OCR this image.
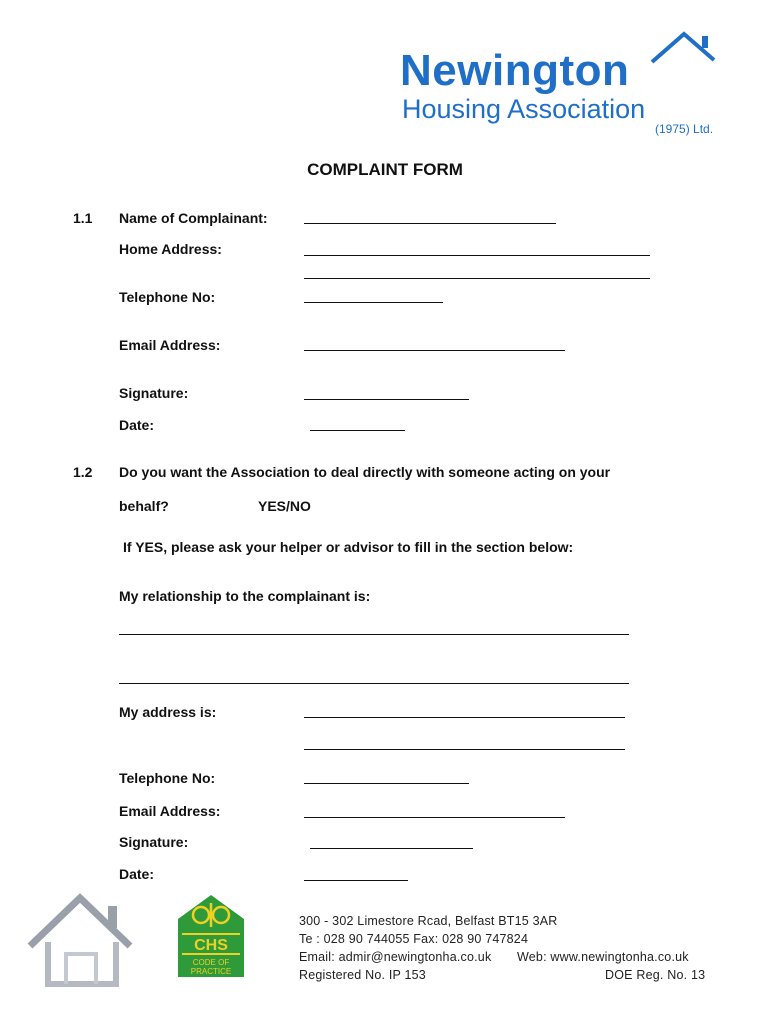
Newington
Housing Association
(1975) Ltd.
COMPLAINT FORM
1.1 Name of Complainant:
Home Address:
Telephone No:
Email Address:
Signature:
Date:
1.2 Do you want the Association to deal directly with someone acting on your
behalf?	YES/NO
If YES, please ask your helper or advisor to fill in the section below:
My relationship to the complainant is:
My address is:
Telephone No:
Email Address:
Signature:
Date:
CHS
CODE OF
PRACTICE
300 - 302 Limestore Rcad, Belfast BT15 3AR
Te : 028 90 744055 Fax: 028 90 747824
Email: admir@newingtonha.co.uk Web: www.newingtonha.co.uk
Registered No. IP 153	DOE Reg. No. 13
